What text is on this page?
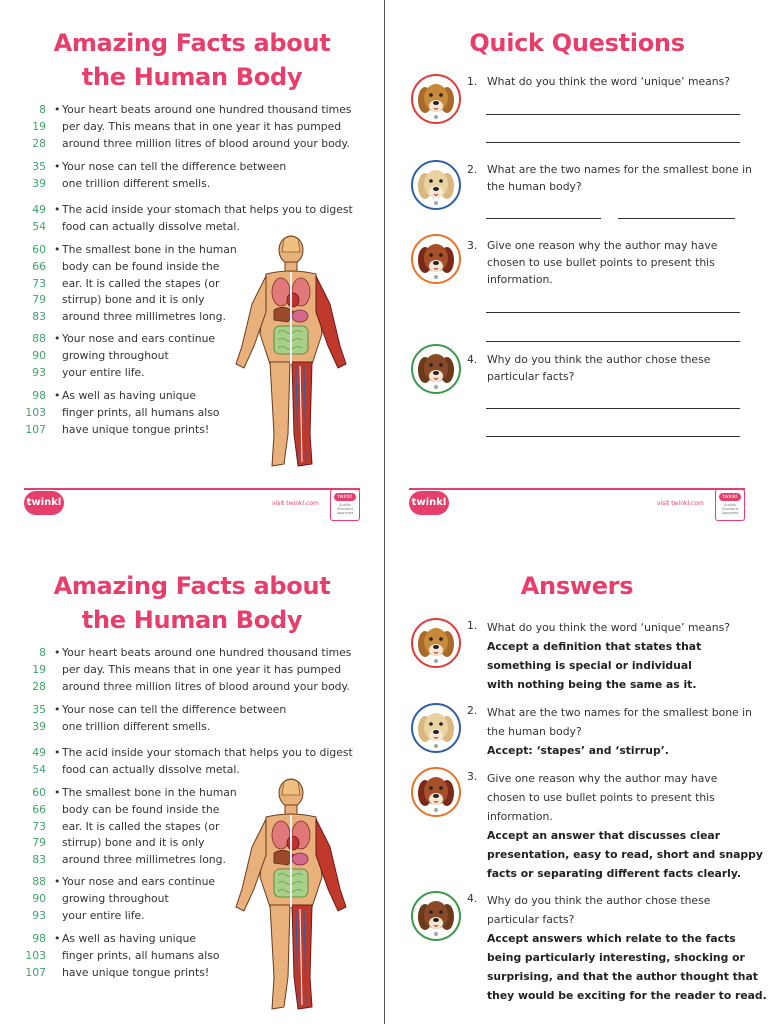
Amazing Facts about
the Human Body
8
19
28
• Your heart beats around one hundred thousand times
per day. This means that in one year it has pumped
around three million litres of blood around your body.
35
39
• Your nose can tell the difference between
one trillion different smells.
49
54
• The acid inside your stomach that helps you to digest
food can actually dissolve metal.
60
66
73
79
83
• The smallest bone in the human
body can be found inside the
ear. It is called the stapes (or
stirrup) bone and it is only
around three millimetres long.
88
90
93
• Your nose and ears continue
growing throughout
your entire life.
98
103
107
• As well as having unique
finger prints, all humans also
have unique tongue prints!
twinkl	visit twinkl.com
twinkl
Quality Standard Approved
Amazing Facts about
the Human Body
8
19
28
• Your heart beats around one hundred thousand times
per day. This means that in one year it has pumped
around three million litres of blood around your body.
35
39
• Your nose can tell the difference between
one trillion different smells.
49
54
• The acid inside your stomach that helps you to digest
food can actually dissolve metal.
60
66
73
79
83
• The smallest bone in the human
body can be found inside the
ear. It is called the stapes (or
stirrup) bone and it is only
around three millimetres long.
88
90
93
• Your nose and ears continue
growing throughout
your entire life.
98
103
107
• As well as having unique
finger prints, all humans also
have unique tongue prints!
Quick Questions
1. What do you think the word ‘unique’ means?
2. What are the two names for the smallest bone in
the human body?
3. Give one reason why the author may have
chosen to use bullet points to present this
information.
4. Why do you think the author chose these
particular facts?
twinkl	visit twinkl.com
twinkl
Quality Standard Approved
Answers
1. What do you think the word ‘unique’ means?
Accept a definition that states that
something is special or individual
with nothing being the same as it.
2. What are the two names for the smallest bone in
the human body?
Accept: ‘stapes’ and ‘stirrup’.
3. Give one reason why the author may have
chosen to use bullet points to present this
information.
Accept an answer that discusses clear
presentation, easy to read, short and snappy
facts or separating different facts clearly.
4. Why do you think the author chose these
particular facts?
Accept answers which relate to the facts
being particularly interesting, shocking or
surprising, and that the author thought that
they would be exciting for the reader to read.
